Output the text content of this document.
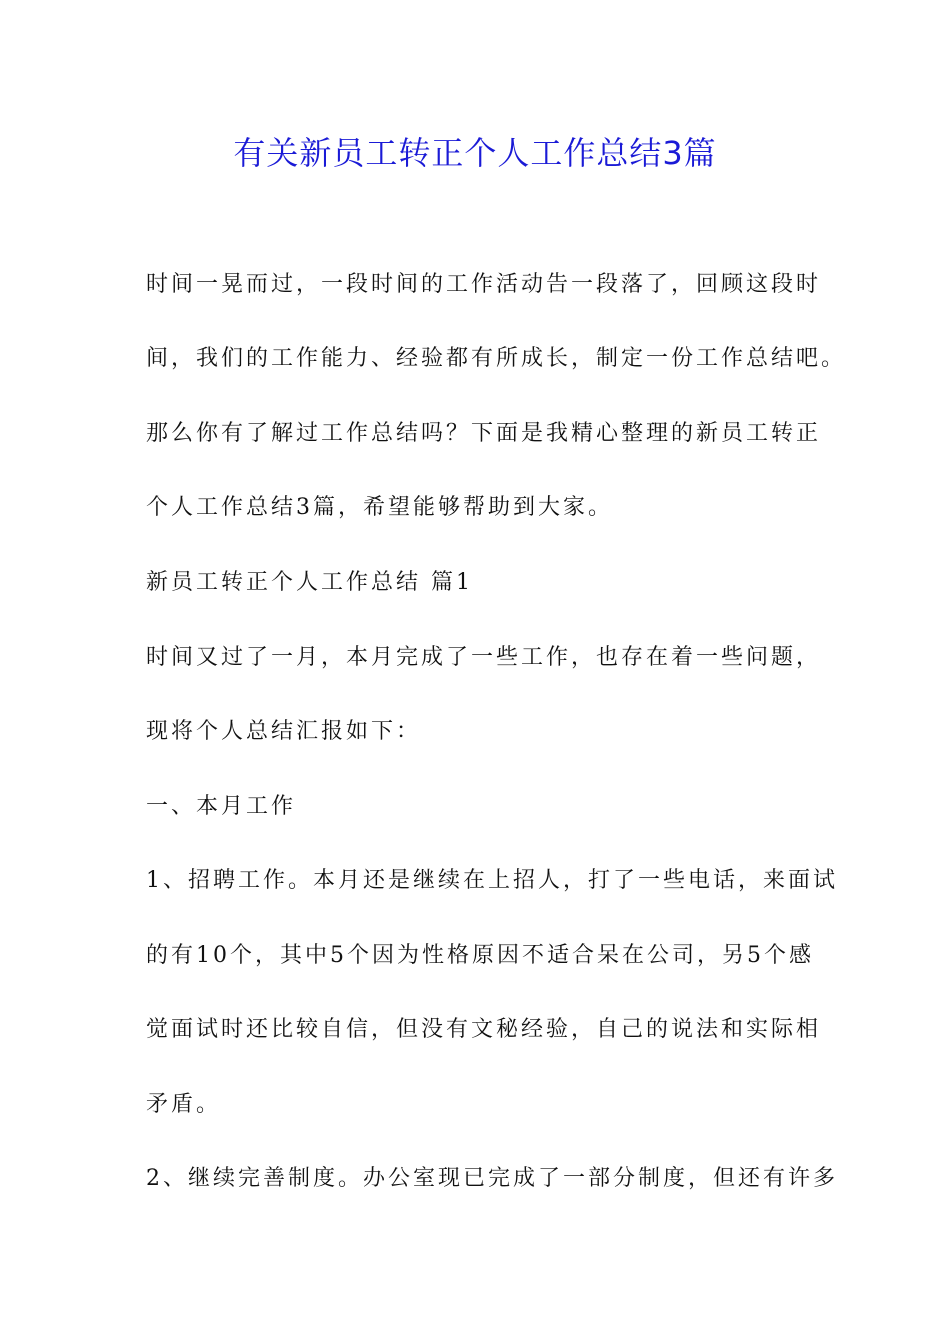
有关新员工转正个人工作总结3篇
时间一晃而过，一段时间的工作活动告一段落了，回顾这段时
间，我们的工作能力、经验都有所成长，制定一份工作总结吧。
那么你有了解过工作总结吗？下面是我精心整理的新员工转正
个人工作总结3篇，希望能够帮助到大家。
新员工转正个人工作总结 篇1
时间又过了一月，本月完成了一些工作，也存在着一些问题，
现将个人总结汇报如下：
一、本月工作
1、招聘工作。本月还是继续在上招人，打了一些电话，来面试
的有10个，其中5个因为性格原因不适合呆在公司，另5个感
觉面试时还比较自信，但没有文秘经验，自己的说法和实际相
矛盾。
2、继续完善制度。办公室现已完成了一部分制度，但还有许多
